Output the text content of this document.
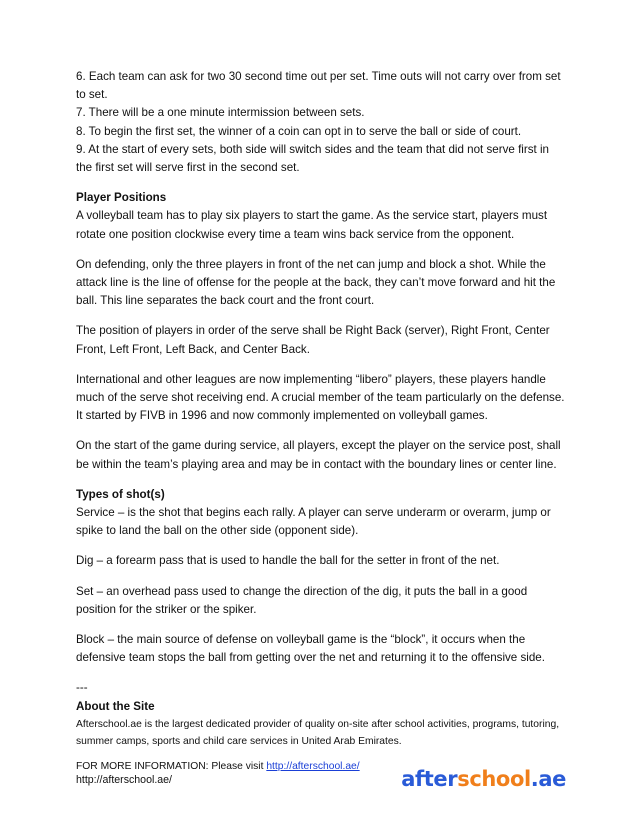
6. Each team can ask for two 30 second time out per set. Time outs will not carry over from set to set.
7. There will be a one minute intermission between sets.
8. To begin the first set, the winner of a coin can opt in to serve the ball or side of court.
9. At the start of every sets, both side will switch sides and the team that did not serve first in the first set will serve first in the second set.
Player Positions
A volleyball team has to play six players to start the game. As the service start, players must rotate one position clockwise every time a team wins back service from the opponent.
On defending, only the three players in front of the net can jump and block a shot. While the attack line is the line of offense for the people at the back, they can’t move forward and hit the ball. This line separates the back court and the front court.
The position of players in order of the serve shall be Right Back (server), Right Front, Center Front, Left Front, Left Back, and Center Back.
International and other leagues are now implementing “libero” players, these players handle much of the serve shot receiving end. A crucial member of the team particularly on the defense. It started by FIVB in 1996 and now commonly implemented on volleyball games.
On the start of the game during service, all players, except the player on the service post, shall be within the team’s playing area and may be in contact with the boundary lines or center line.
Types of shot(s)
Service – is the shot that begins each rally. A player can serve underarm or overarm, jump or spike to land the ball on the other side (opponent side).
Dig – a forearm pass that is used to handle the ball for the setter in front of the net.
Set – an overhead pass used to change the direction of the dig, it puts the ball in a good position for the striker or the spiker.
Block – the main source of defense on volleyball game is the “block”, it occurs when the defensive team stops the ball from getting over the net and returning it to the offensive side.
---
About the Site
Afterschool.ae is the largest dedicated provider of quality on-site after school activities, programs, tutoring, summer camps, sports and child care services in United Arab Emirates.
FOR MORE INFORMATION: Please visit http://afterschool.ae/
http://afterschool.ae/	afterschool.ae
